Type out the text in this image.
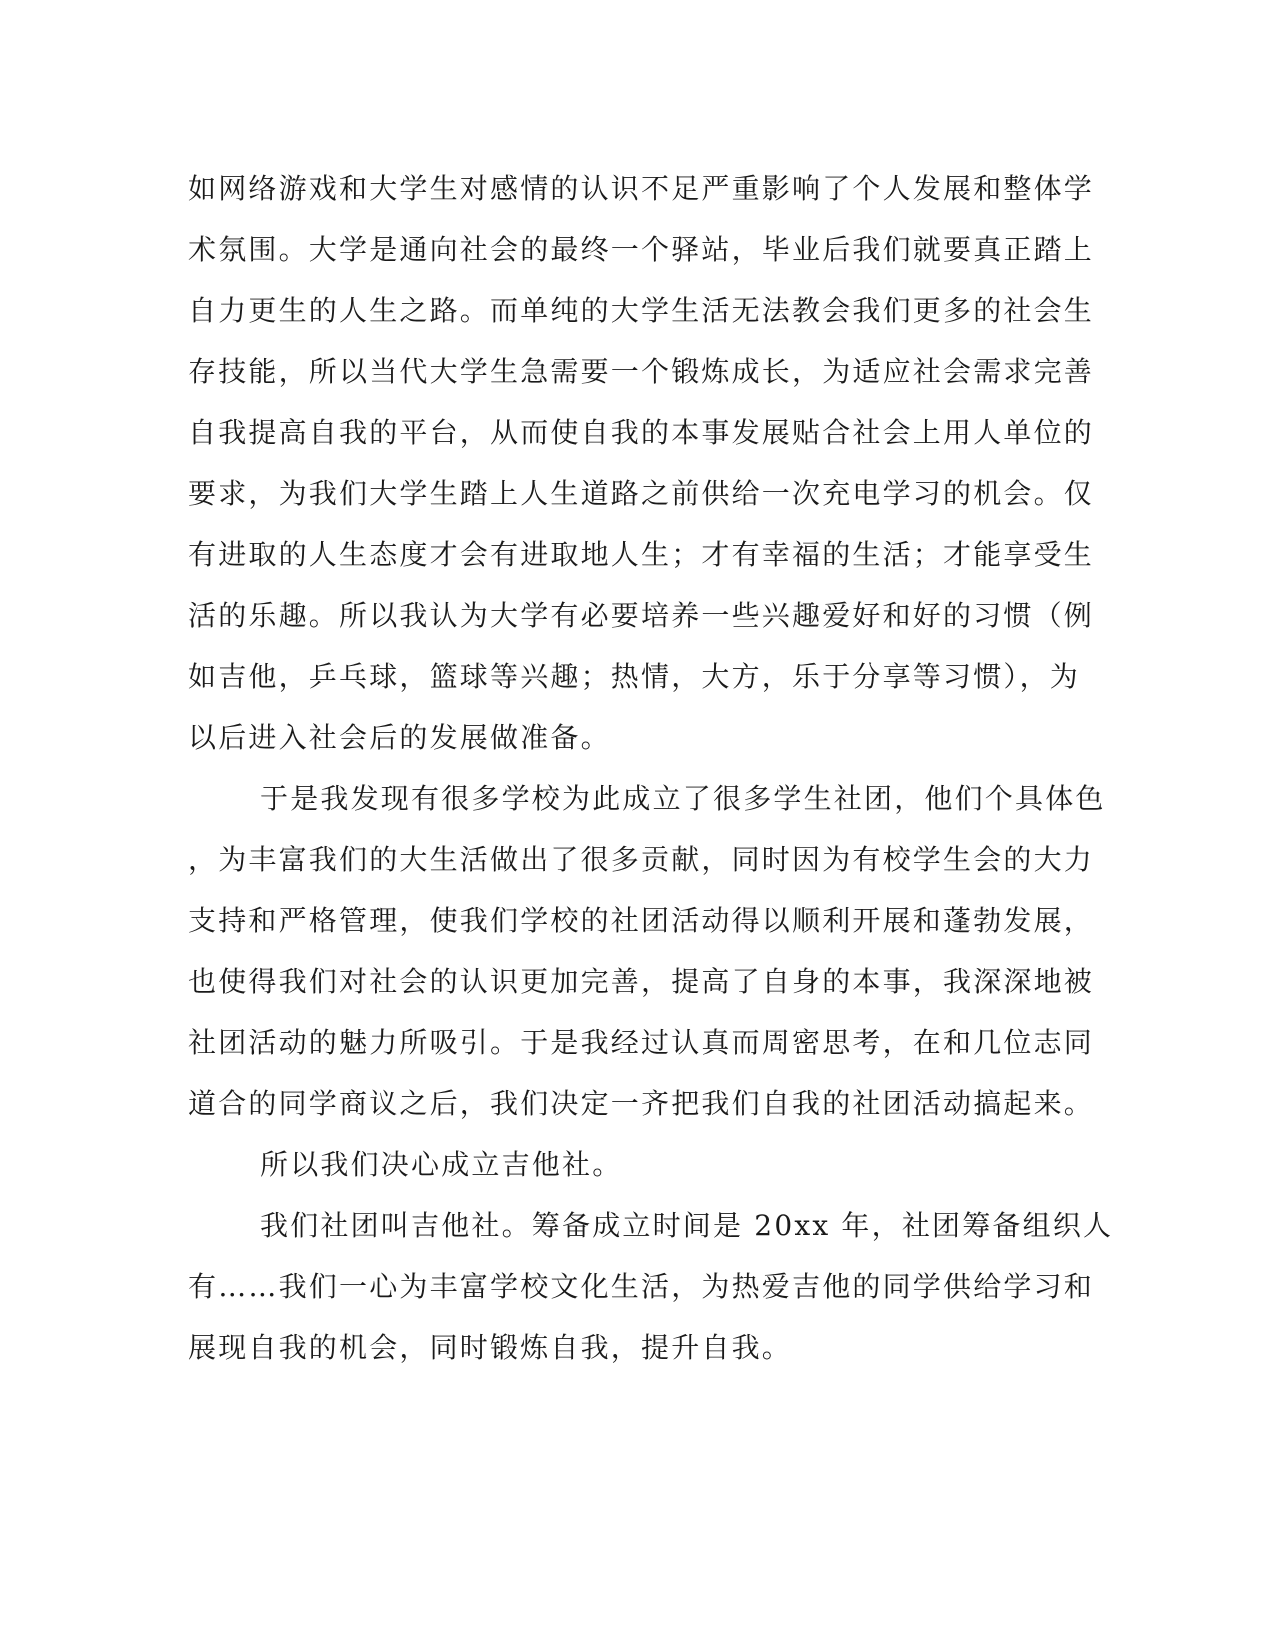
如网络游戏和大学生对感情的认识不足严重影响了个人发展和整体学
术氛围。大学是通向社会的最终一个驿站，毕业后我们就要真正踏上
自力更生的人生之路。而单纯的大学生活无法教会我们更多的社会生
存技能，所以当代大学生急需要一个锻炼成长，为适应社会需求完善
自我提高自我的平台，从而使自我的本事发展贴合社会上用人单位的
要求，为我们大学生踏上人生道路之前供给一次充电学习的机会。仅
有进取的人生态度才会有进取地人生；才有幸福的生活；才能享受生
活的乐趣。所以我认为大学有必要培养一些兴趣爱好和好的习惯（例
如吉他，乒乓球，篮球等兴趣；热情，大方，乐于分享等习惯），为
以后进入社会后的发展做准备。
于是我发现有很多学校为此成立了很多学生社团，他们个具体色
，为丰富我们的大生活做出了很多贡献，同时因为有校学生会的大力
支持和严格管理，使我们学校的社团活动得以顺利开展和蓬勃发展，
也使得我们对社会的认识更加完善，提高了自身的本事，我深深地被
社团活动的魅力所吸引。于是我经过认真而周密思考，在和几位志同
道合的同学商议之后，我们决定一齐把我们自我的社团活动搞起来。
所以我们决心成立吉他社。
我们社团叫吉他社。筹备成立时间是 20xx 年，社团筹备组织人
有……我们一心为丰富学校文化生活，为热爱吉他的同学供给学习和
展现自我的机会，同时锻炼自我，提升自我。
